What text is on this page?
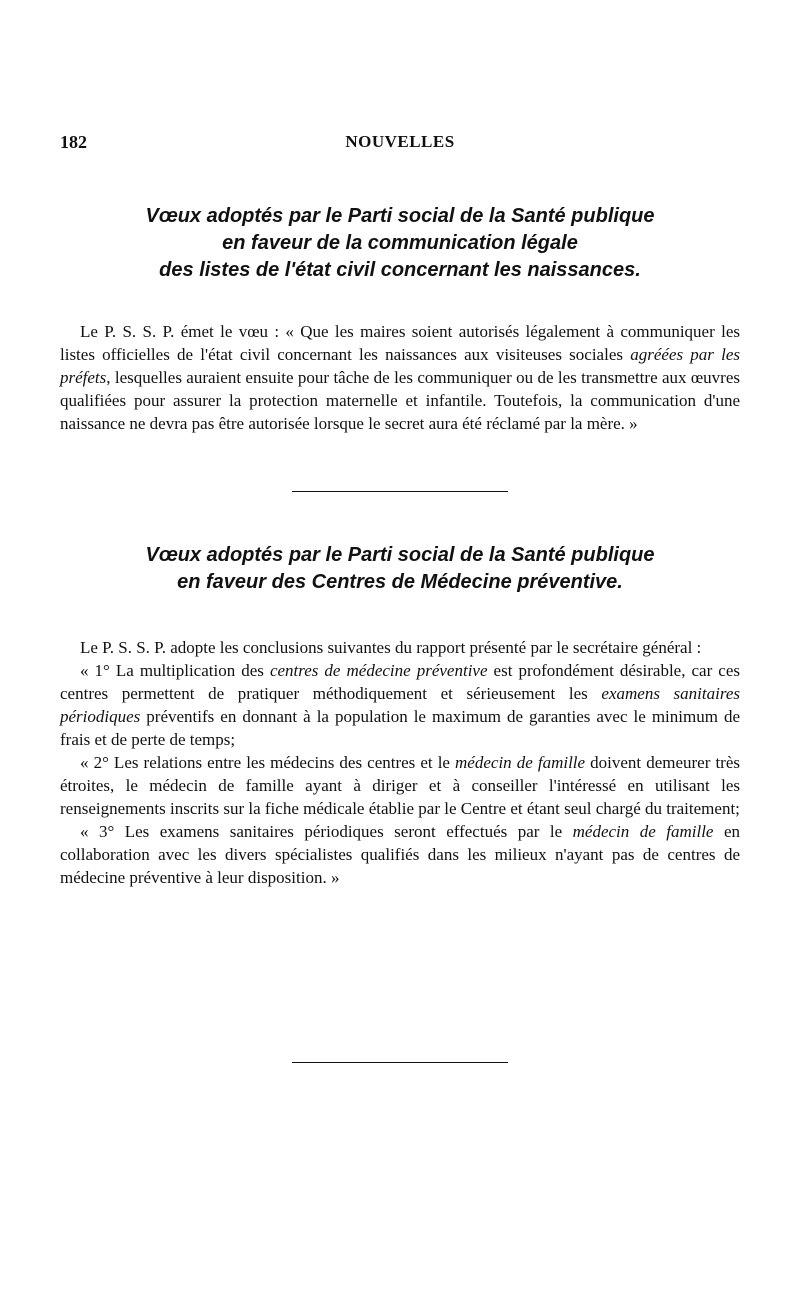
182	NOUVELLES
Vœux adoptés par le Parti social de la Santé publique
en faveur de la communication légale
des listes de l'état civil concernant les naissances.

Le P. S. S. P. émet le vœu : « Que les maires soient autorisés légalement à communiquer les listes officielles de l'état civil concernant les naissances aux visiteuses sociales agréées par les préfets, lesquelles auraient ensuite pour tâche de les communiquer ou de les transmettre aux œuvres qualifiées pour assurer la protection maternelle et infantile. Toutefois, la communication d'une naissance ne devra pas être autorisée lorsque le secret aura été réclamé par la mère. »

Vœux adoptés par le Parti social de la Santé publique
en faveur des Centres de Médecine préventive.

Le P. S. S. P. adopte les conclusions suivantes du rapport présenté par le secrétaire général :

« 1° La multiplication des centres de médecine préventive est profondément désirable, car ces centres permettent de pratiquer méthodiquement et sérieusement les examens sanitaires périodiques préventifs en donnant à la population le maximum de garanties avec le minimum de frais et de perte de temps;

« 2° Les relations entre les médecins des centres et le médecin de famille doivent demeurer très étroites, le médecin de famille ayant à diriger et à conseiller l'intéressé en utilisant les renseignements inscrits sur la fiche médicale établie par le Centre et étant seul chargé du traitement;

« 3° Les examens sanitaires périodiques seront effectués par le médecin de famille en collaboration avec les divers spécialistes qualifiés dans les milieux n'ayant pas de centres de médecine préventive à leur disposition. »
